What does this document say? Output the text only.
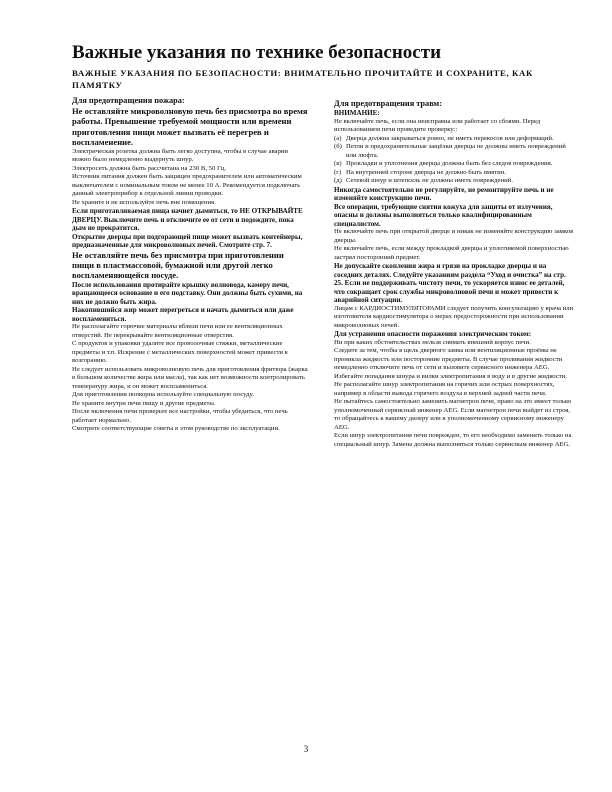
Важные указания по технике безопасности
ВАЖНЫЕ УКАЗАНИЯ ПО БЕЗОПАСНОСТИ: ВНИМАТЕЛЬНО ПРОЧИТАЙТЕ И СОХРАНИТЕ, КАК ПАМЯТКУ

Для предотвращения пожара:

Не оставляйте микроволновую печь без присмотра во время работы. Превышение требуемой мощности или времени приготовления пищи может вызвать её перегрев и воспламенение.

Электрическая розетка должна быть легко доступна, чтобы в случае аварии можно было немедленно выдернуть шнур.

Электросеть должна быть рассчитана на 230 В, 50 Гц.

Источник питания должен быть защищен предохранителем или автоматическим выключателем с номинальным током не менее 10 А. Рекомендуется подключать данный электроприбор к отдельной линии проводки.

Не храните и не используйте печь вне помещения.

Если приготавливаемая пища начнет дымиться, то НЕ ОТКРЫВАЙТЕ ДВЕРЦУ. Выключите печь и отключите ее от сети и подождите, пока дым не прекратится.

Открытие дверцы при подгорающей пище может вызвать контейнеры, предназначенные для микроволновых печей. Смотрите стр. 7.

Не оставляйте печь без присмотра при приготовлении пищи в пластмассовой, бумажной или другой легко воспламеняющейся посуде.

После использования протирайте крышку волновода, камеру печи, вращающееся основание и его подставку. Они должны быть сухими, на них не должно быть жира.

Накопившийся жир может перегреться и начать дымиться или даже воспламениться.

Не располагайте горючие материалы вблизи печи или ее вентиляционных отверстий. Не перекрывайте вентиляционные отверстия.

С продуктов и упаковки удалите все проволочные стяжки, металлические предметы и т.п. Искрение с металлических поверхностей может привести к возгоранию.

Не следует использовать микроволновую печь для приготовления фритюра (жарка в большом количестве жира или масла), так как нет возможности контролировать температуру жира, и он может воспламениться.

Для приготовления попкорна используйте специальную посуду.

Не храните внутри печи пищу и другие предметы.

После включения печи проверьте все настройки, чтобы убедиться, что печь работает нормально.

Смотрите соответствующие советы в этом руководстве по эксплуатации.

Для предотвращения травм:

ВНИМАНИЕ:

Не включайте печь, если она неисправна или работает со сбоями. Перед использованием печи проведите проверку::

(а) Дверца должна закрываться ровно, не иметь перекосов или деформаций.
(б) Петли и предохранительные защёлки дверцы не должны иметь повреждений или люфта.
(в) Прокладки и уплотнения дверцы должны быть без следов повреждения.
(г) На внутренней стороне дверцы не должно быть вмятин.
(д) Сетевой шнур и штепсель не должны иметь повреждений.

Никогда самостоятельно не регулируйте, не ремонтируйте печь и не изменяйте конструкцию печи.

Все операции, требующие снятия кожуха для защиты от излучения, опасны и должны выполняться только квалифицированным специалистом.

Не включайте печь при открытой дверце и никак не изменяйте конструкцию замков дверцы.

Не включайте печь, если между прокладкой дверцы и уплотняемой поверхностью застрял посторонний предмет.

Не допускайте скопления жира и грязи на прокладке дверцы и на соседних деталях. Следуйте указаниям раздела “Уход и очистка” на стр. 25. Если не поддерживать чистоту печи, то ускоряется износ ее деталей, что сокращает срок службы микроволновой печи и может привести к аварийной ситуации.

Лицам с КАРДИОСТИМУЛЯТОРАМИ следует получить консультацию у врача или изготовителя кардиостимулятора о мерах предосторожности при использовании микроволновых печей.

Для устранения опасности поражения электрическим током:

Ни при каких обстоятельствах нельзя снимать внешний корпус печи.

Следите за тем, чтобы в щель дверного замка или вентиляционные проёмы не проникла жидкость или посторонние предметы. В случае проливания жидкости немедленно отключите печь от сети и вызовите сервисного инженера AEG.

Избегайте попадания шнура и вилки электропитания в воду и в другие жидкости.

Не располагайте шнур электропитания на горячих или острых поверхностях, например в области вывода горячего воздуха в верхней задней части печи.

Не пытайтесь самостоятельно заменить магнетрон печи, право на это имеет только уполномоченный сервисный инженер AEG. Если магнетрон печи выйдет из строя, то обращайтесь к вашему дилеру или к уполномоченному сервисному инженеру AEG.

Если шнур электропитания печи поврежден, то его необходимо заменить только на специальный шнур. Замена должна выполняться только сервисным инженер AEG.

3
